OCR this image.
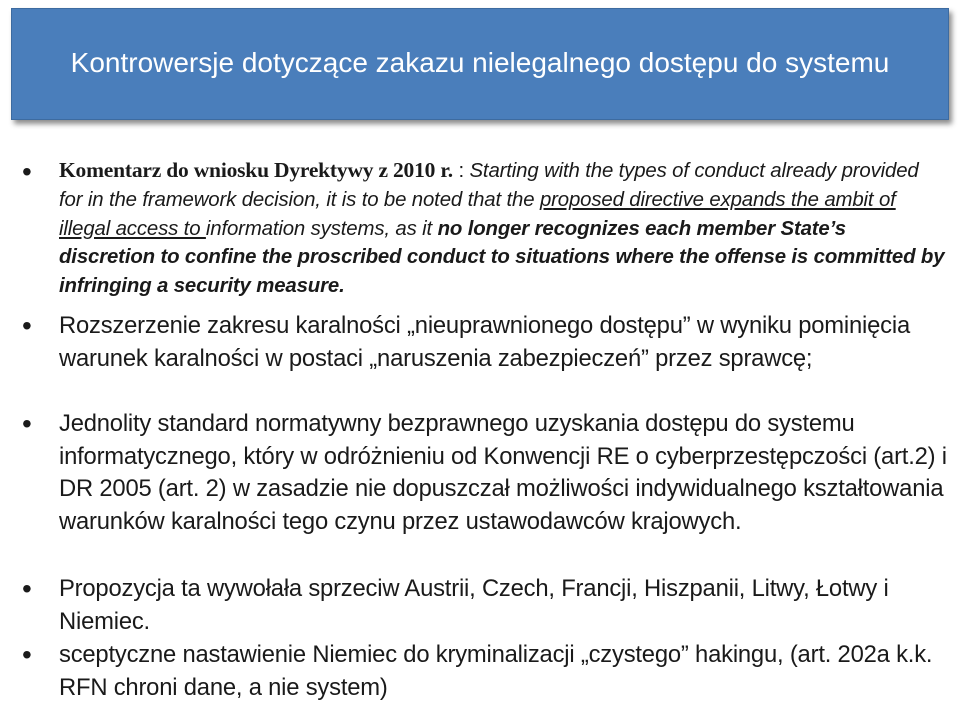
Kontrowersje dotyczące zakazu nielegalnego dostępu do systemu
• Komentarz do wniosku Dyrektywy z 2010 r. : Starting with the types of conduct already provided for in the framework decision, it is to be noted that the proposed directive expands the ambit of illegal access to information systems, as it no longer recognizes each member State’s discretion to confine the proscribed conduct to situations where the offense is committed by infringing a security measure.
• Rozszerzenie zakresu karalności „nieuprawnionego dostępu” w wyniku pominięcia warunek karalności w postaci „naruszenia zabezpieczeń” przez sprawcę;
• Jednolity standard normatywny bezprawnego uzyskania dostępu do systemu informatycznego, który w odróżnieniu od Konwencji RE o cyberprzestępczości (art.2) i DR 2005 (art. 2) w zasadzie nie dopuszczał możliwości indywidualnego kształtowania warunków karalności tego czynu przez ustawodawców krajowych.
• Propozycja ta wywołała sprzeciw Austrii, Czech, Francji, Hiszpanii, Litwy, Łotwy i Niemiec.
• sceptyczne nastawienie Niemiec do kryminalizacji „czystego” hakingu, (art. 202a k.k. RFN chroni dane, a nie system)
